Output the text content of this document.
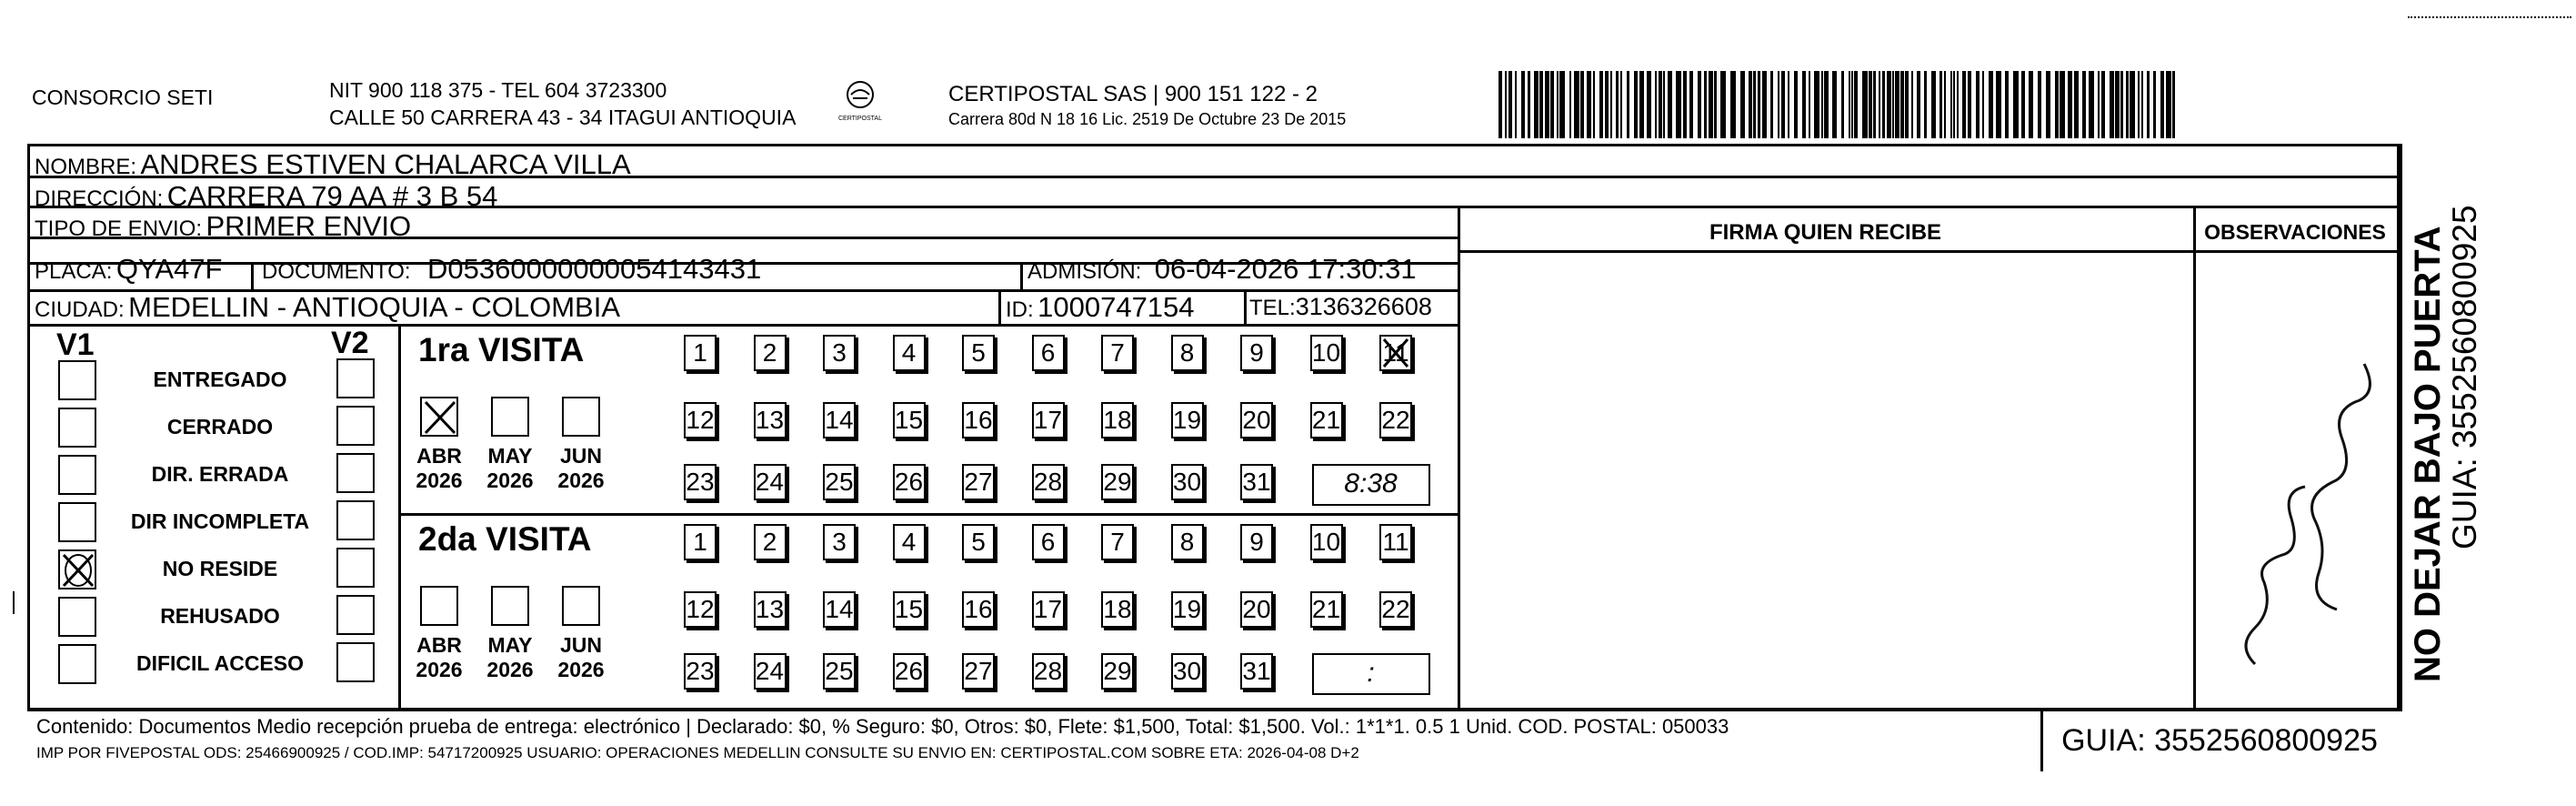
CONSORCIO SETI	NIT 900 118 375 - TEL 604 3723300
CALLE 50 CARRERA 43 - 34 ITAGUI ANTIOQUIA	CERTIPOSTAL
CERTIPOSTAL SAS | 900 151 122 - 2
Carrera 80d N 18 16 Lic. 2519 De Octubre 23 De 2015
NOMBRE: ANDRES ESTIVEN CHALARCA VILLA
DIRECCIÓN: CARRERA 79 AA # 3 B 54
TIPO DE ENVIO: PRIMER ENVIO
PLACA: QYA47F DOCUMENTO: D05360000000054143431	ADMISIÓN: 06-04-2026 17:30:31
CIUDAD: MEDELLIN - ANTIOQUIA - COLOMBIA	ID: 1000747154	TEL:3136326608
FIRMA QUIEN RECIBE	OBSERVACIONES
V1	V2
ENTREGADO
CERRADO
DIR. ERRADA
DIR INCOMPLETA
NO RESIDE
REHUSADO
DIFICIL ACCESO
1ra VISITA
2da VISITA
ABR
2026
MAY
2026
JUN
2026
1	2	3	4	5	6	7	8	9	10 11
12 13 14 15 16 17 18 19 20 21 22
23 24 25 26 27 28 29 30 31	8:38
ABR
2026
MAY
2026
JUN
2026
1	2	3	4	5	6	7	8	9	10 11
12 13 14 15 16 17 18 19 20 21 22
23 24 25 26 27 28 29 30 31	:
Contenido: Documentos Medio recepción prueba de entrega: electrónico | Declarado: $0, % Seguro: $0, Otros: $0, Flete: $1,500, Total: $1,500. Vol.: 1*1*1. 0.5 1 Unid. COD. POSTAL: 050033
IMP POR FIVEPOSTAL ODS: 25466900925 / COD.IMP: 54717200925 USUARIO: OPERACIONES MEDELLIN CONSULTE SU ENVIO EN: CERTIPOSTAL.COM SOBRE ETA: 2026-04-08 D+2	GUIA: 3552560800925
NO DEJAR BAJO PUERTA
GUIA: 3552560800925
